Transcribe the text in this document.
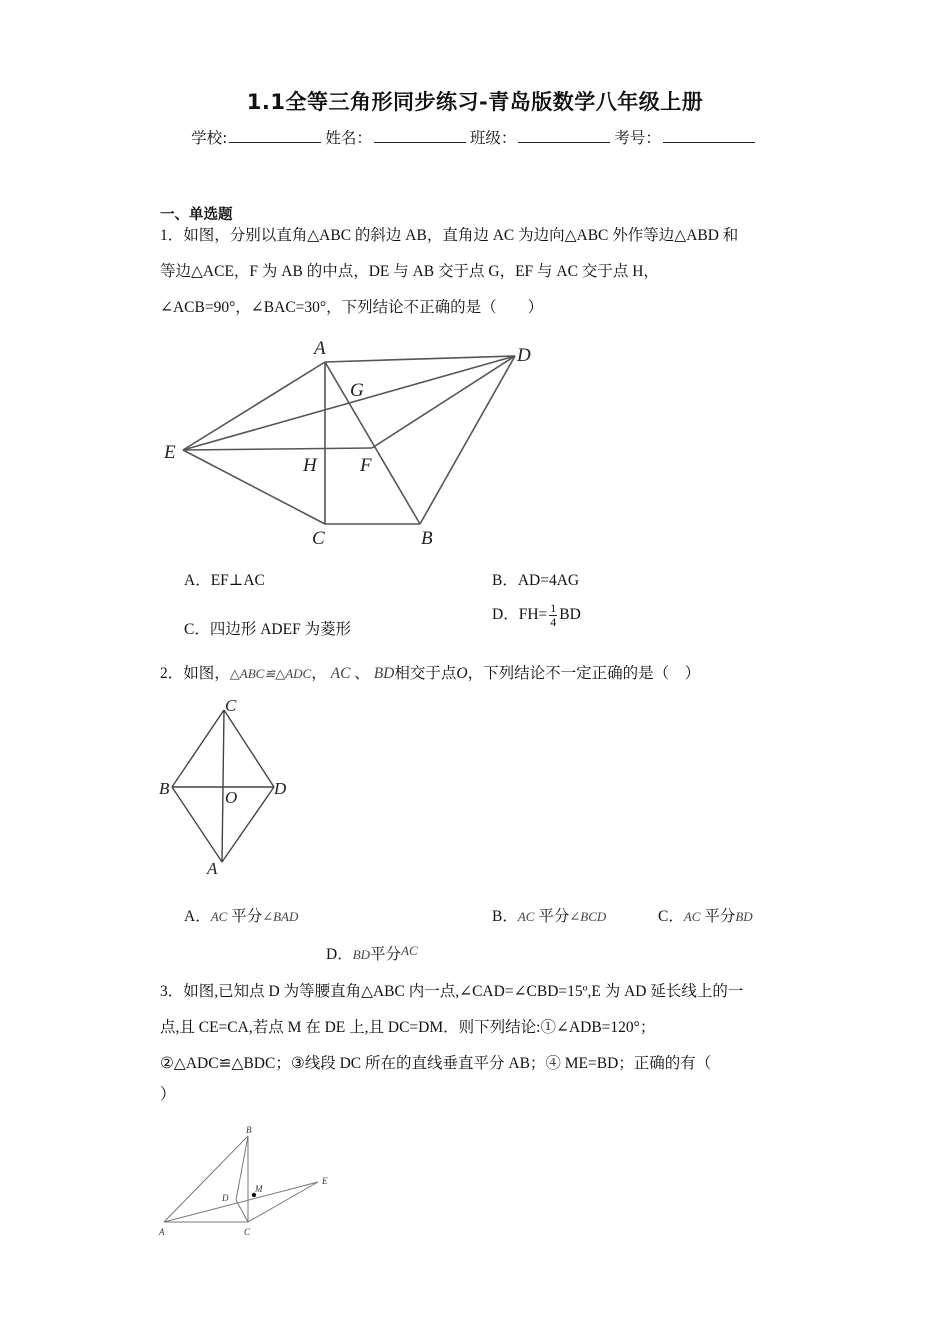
1.1全等三角形同步练习-青岛版数学八年级上册
学校:	姓名：	班级：	考号：
一、单选题
1．如图，分别以直角△ABC 的斜边 AB，直角边 AC 为边向△ABC 外作等边△ABD 和
等边△ACE，F 为 AB 的中点，DE 与 AB 交于点 G，EF 与 AC 交于点 H，
∠ACB=90°，∠BAC=30°，下列结论不正确的是（　　）
A	D
G
E
H F
C	B
A．EF⊥AC	B．AD=4AG
C．四边形 ADEF 为菱形
D．$FH= \frac{1}{4}$ BD
2．如图，△ABC≌△ADC， AC 、 BD相交于点O，下列结论不一定正确的是（　）
C
B	D
O
A
A．AC 平分∠BAD	B．AC 平分∠BCD	C．AC 平分BD
D．BD平分$^{AC}$
3．如图,已知点 D 为等腰直角△ABC 内一点,∠CAD=∠CBD=15º,E 为 AD 延长线上的一
点,且 CE=CA,若点 M 在 DE 上,且 DC=DM．则下列结论:①∠ADB=120°；
②△ADC≌△BDC；③线段 DC 所在的直线垂直平分 AB；④ ME=BD；正确的有（
）
B
E
M
D
A	C
